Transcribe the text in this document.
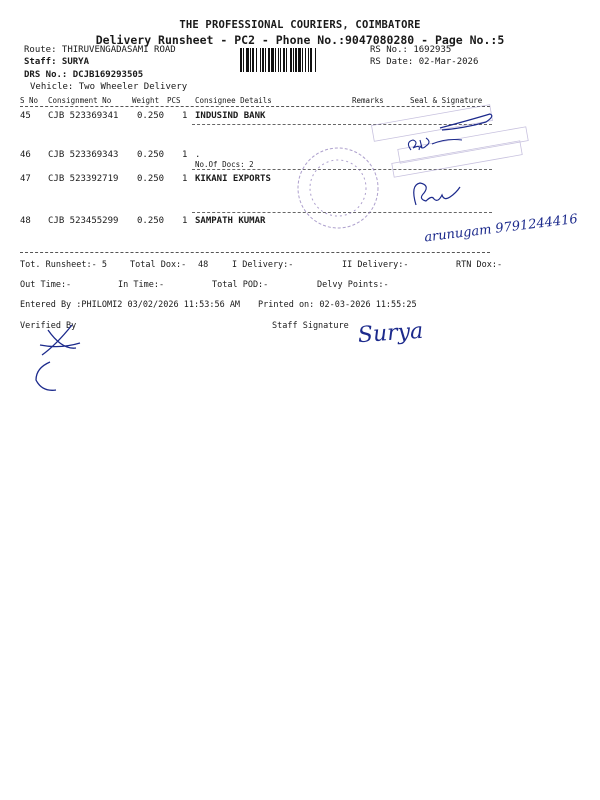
THE PROFESSIONAL COURIERS, COIMBATORE
Delivery Runsheet - PC2 - Phone No.:9047080280 - Page No.:5
Route: THIRUVENGADASAMI ROAD
Staff: SURYA
DRS No.: DCJB169293505
Vehicle: Two Wheeler Delivery
RS No.: 1692935
RS Date: 02-Mar-2026
S No Consignment No	Weight PCS Consignee Details	Remarks	Seal & Signature
45 CJB 523369341 0.250 1 INDUSIND BANK
46 CJB 523369343 0.250 1 .
No.Of Docs: 2
47 CJB 523392719 0.250 1 KIKANI EXPORTS
48 CJB 523455299 0.250 1 SAMPATH KUMAR
Tot. Runsheet:- 5	Total Dox:- 48	I Delivery:-	II Delivery:-	RTN Dox:-
Out Time:-	In Time:-	Total POD:-	Delvy Points:-
Entered By :PHILOMI2 03/02/2026 11:53:56 AM Printed on: 02-03-2026 11:55:25
Verified By	Staff Signature
arunugam 9791244416
Surya
